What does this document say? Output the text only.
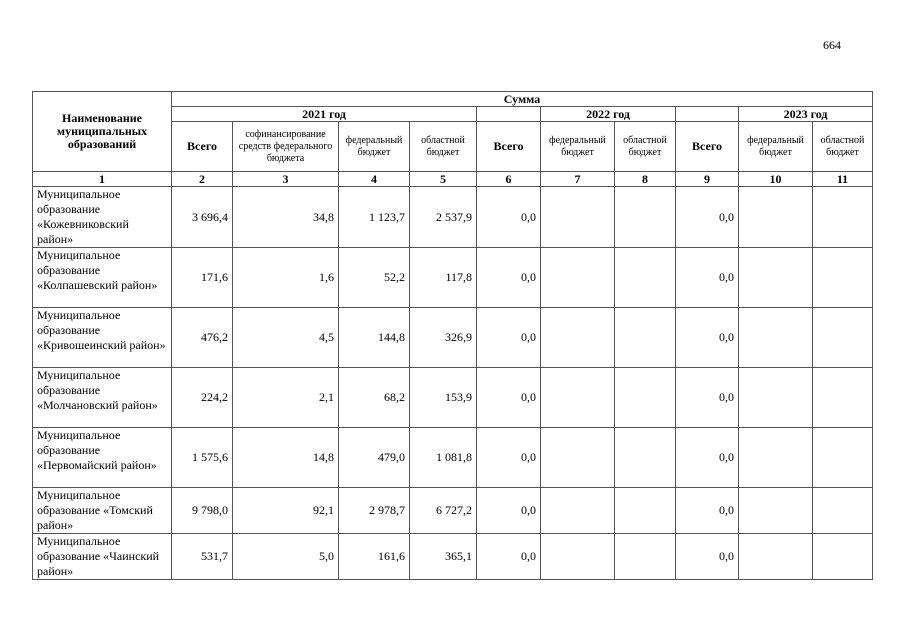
664
Наименование муниципальных образований	Сумма									
	2021 год					2022 год			2023 год	
	Всего	софинансирование средств федерального бюджета	федеральный бюджет	областной бюджет	Всего	федеральный бюджет	областной бюджет	Всего	федеральный бюджет	областной бюджет
1	2	3	4	5	6	7	8	9	10	11
Муниципальное образование «Кожевниковский район»	3 696,4	34,8	1 123,7	2 537,9	0,0			0,0		
Муниципальное образование «Колпашевский район»	171,6	1,6	52,2	117,8	0,0			0,0		
Муниципальное образование «Кривошеинский район»	476,2	4,5	144,8	326,9	0,0			0,0		
Муниципальное образование «Молчановский район»	224,2	2,1	68,2	153,9	0,0			0,0		
Муниципальное образование «Первомайский район»	1 575,6	14,8	479,0	1 081,8	0,0			0,0		
Муниципальное образование «Томский район»	9 798,0	92,1	2 978,7	6 727,2	0,0			0,0		
Муниципальное образование «Чаинский район»	531,7	5,0	161,6	365,1	0,0			0,0		
